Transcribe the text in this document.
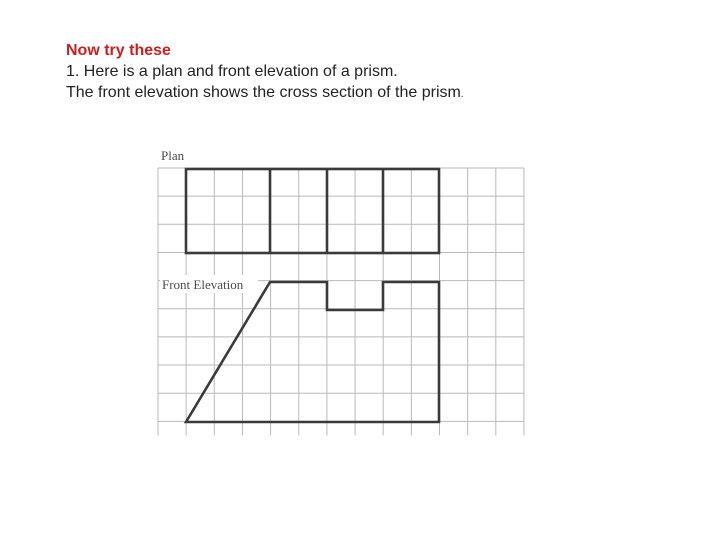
Now try these
1. Here is a plan and front elevation of a prism.
The front elevation shows the cross section of the prism.
Plan
Front Elevation
